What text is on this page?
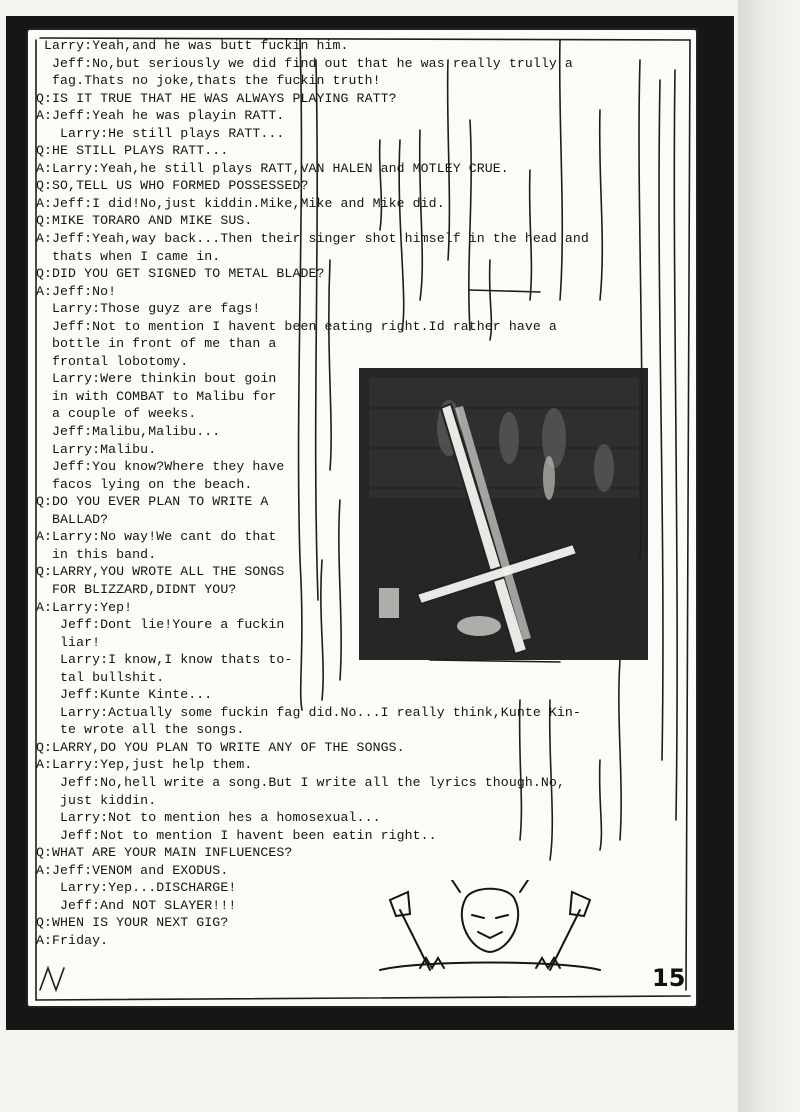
Larry:Yeah,and he was butt fuckin him.
Jeff:No,but seriously we did find out that he was really trully a
fag.Thats no joke,thats the fuckin truth!
Q:IS IT TRUE THAT HE WAS ALWAYS PLAYING RATT?
A:Jeff:Yeah he was playin RATT.
Larry:He still plays RATT...
Q:HE STILL PLAYS RATT...
A:Larry:Yeah,he still plays RATT,VAN HALEN and MOTLEY CRUE.
Q:SO,TELL US WHO FORMED POSSESSED?
A:Jeff:I did!No,just kiddin.Mike,Mike and Mike did.
Q:MIKE TORARO AND MIKE SUS.
A:Jeff:Yeah,way back...Then their singer shot himself in the head and
thats when I came in.
Q:DID YOU GET SIGNED TO METAL BLADE?
A:Jeff:No!
Larry:Those guyz are fags!
Jeff:Not to mention I havent been eating right.Id rather have a
bottle in front of me than a
frontal lobotomy.
Larry:Were thinkin bout goin
in with COMBAT to Malibu for
a couple of weeks.
Jeff:Malibu,Malibu...
Larry:Malibu.
Jeff:You know?Where they have
facos lying on the beach.
Q:DO YOU EVER PLAN TO WRITE A
BALLAD?
A:Larry:No way!We cant do that
in this band.
Q:LARRY,YOU WROTE ALL THE SONGS
FOR BLIZZARD,DIDNT YOU?
A:Larry:Yep!
Jeff:Dont lie!Youre a fuckin
liar!
Larry:I know,I know thats to-
tal bullshit.
Jeff:Kunte Kinte...
Larry:Actually some fuckin fag did.No...I really think,Kunte Kin-
te wrote all the songs.
Q:LARRY,DO YOU PLAN TO WRITE ANY OF THE SONGS.
A:Larry:Yep,just help them.
Jeff:No,hell write a song.But I write all the lyrics though.No,
just kiddin.
Larry:Not to mention hes a homosexual...
Jeff:Not to mention I havent been eatin right..
Q:WHAT ARE YOUR MAIN INFLUENCES?
A:Jeff:VENOM and EXODUS.
Larry:Yep...DISCHARGE!
Jeff:And NOT SLAYER!!!
Q:WHEN IS YOUR NEXT GIG?
A:Friday.
15
